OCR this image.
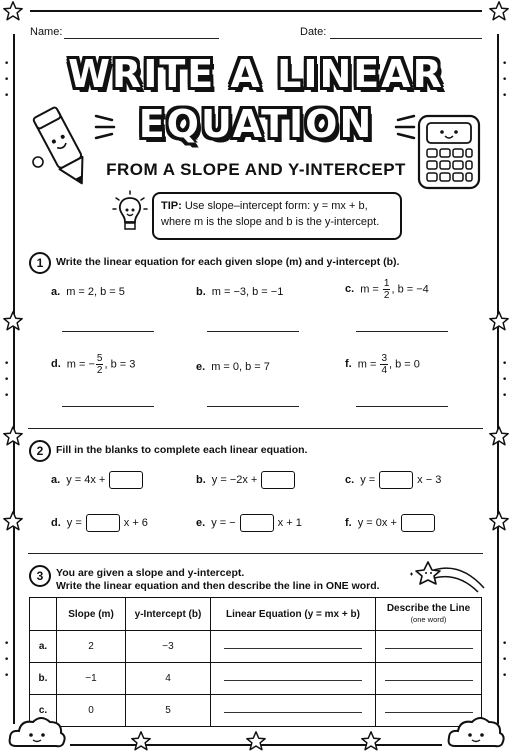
•

•

•
•

•

•
•

•

•
•

•

•
•

•

•
•

•

•
Name:	Date:
WRITE A LINEAR
EQUATION
FROM A SLOPE AND Y-INTERCEPT
TIP: Use slope–intercept form: y = mx + b,
where m is the slope and b is the y-intercept.
1	Write the linear equation for each given slope (m) and y-intercept (b).
a. m = 2, b = 5	b. m = −3, b = −1	c. $m = \frac{1}{2}$ , b = −4
d. m = − $\frac{5}{2}$ , b = 3	e. m = 0, b = 7	f. $m = \frac{3}{4}$ , b = 0
2	Fill in the blanks to complete each linear equation.
a. y = 4x +	b. y = −2x +	c. y =	x − 3
d. y =	x + 6	e. y = −	x + 1	f. y = 0x +
3	You are given a slope and y-intercept.
Write the linear equation and then describe the line in ONE word.
	Slope (m)	y-Intercept (b)	Linear Equation (y = mx + b)	Describe the Line
(one word)
a.	2	−3		
b.	−1	4		
c.	0	5		
